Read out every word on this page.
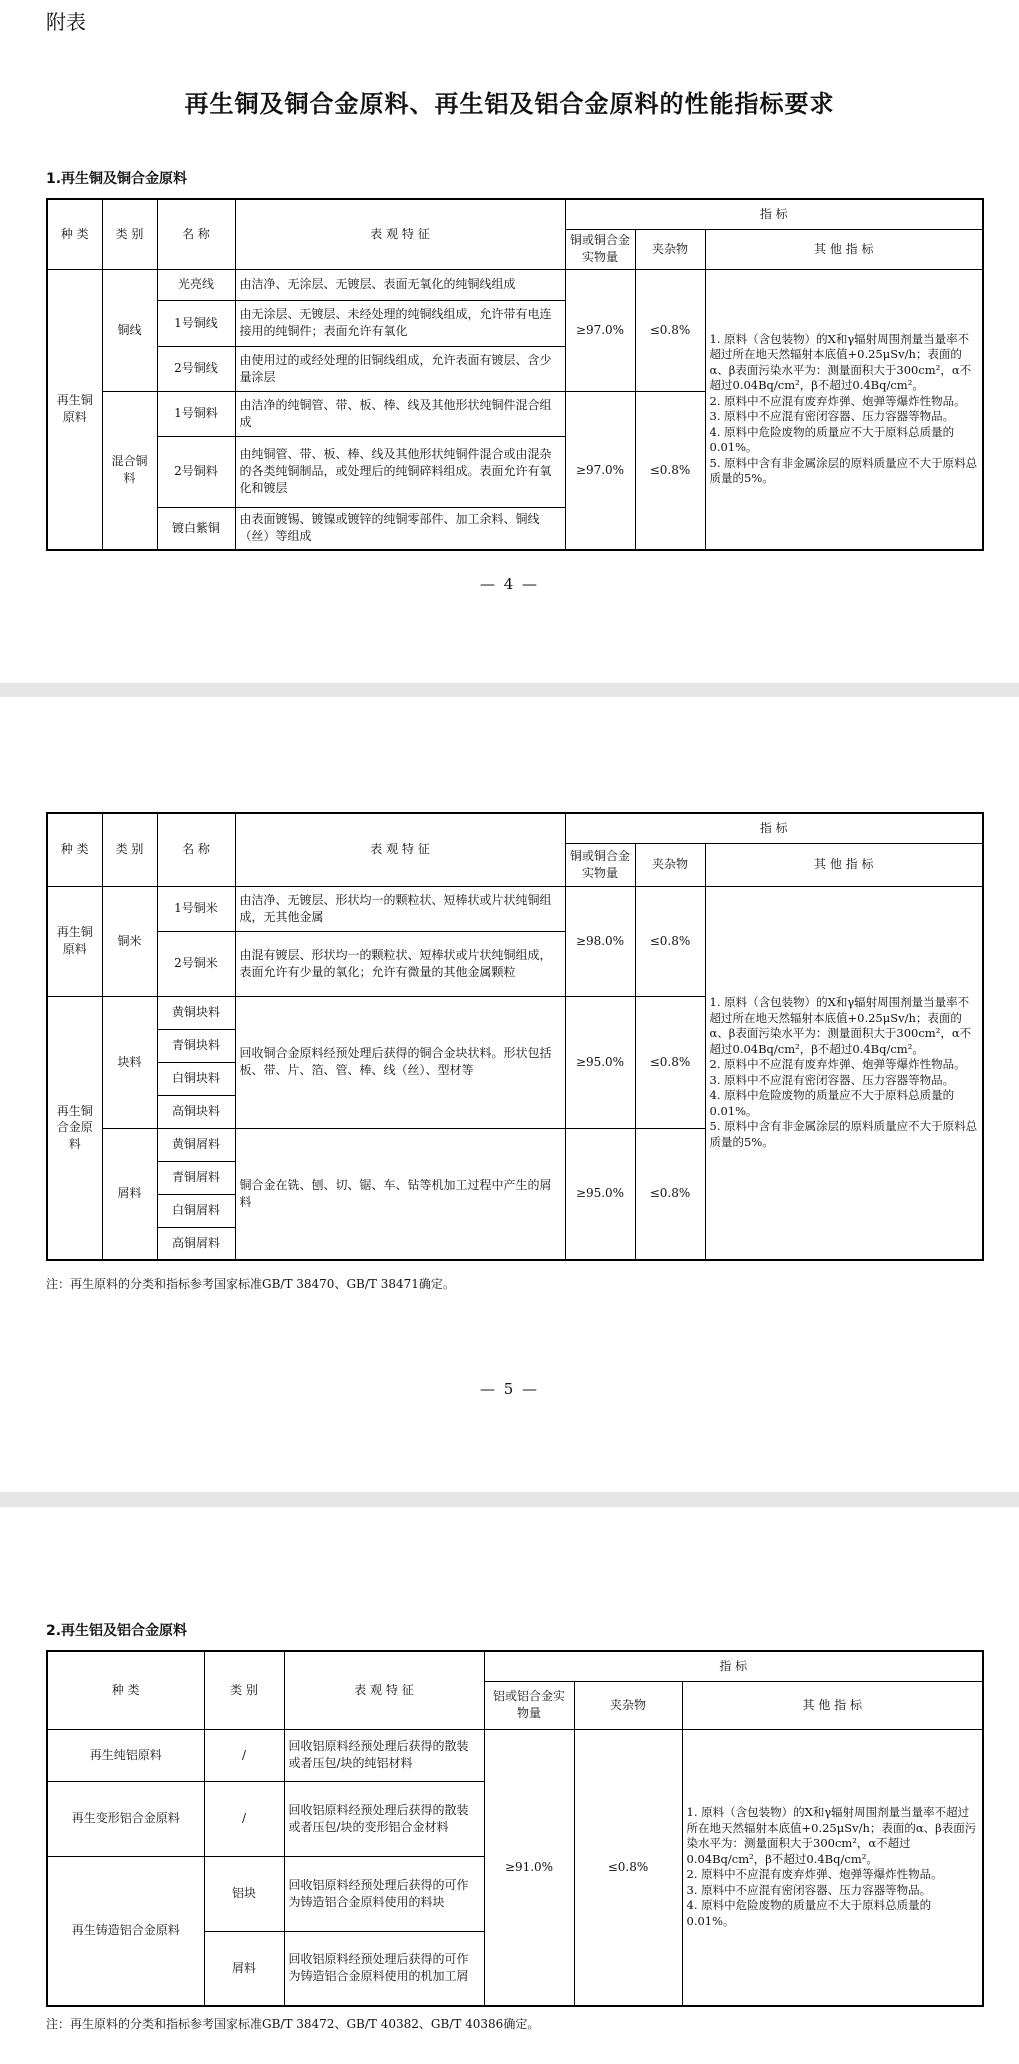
附表
再生铜及铜合金原料、再生铝及铝合金原料的性能指标要求
1.再生铜及铜合金原料
种 类	类 别	名 称	表 观 特 征	指 标		
				铜或铜合金实物量	夹杂物	其 他 指 标
再生铜原料	铜线	光亮线	由洁净、无涂层、无镀层、表面无氧化的纯铜线组成	≥97.0%	≤0.8%	1. 原料（含包装物）的X和γ辐射周围剂量当量率不超过所在地天然辐射本底值+0.25μSv/h；表面的α、β表面污染水平为：测量面积大于300cm²，α不超过0.04Bq/cm²，β不超过0.4Bq/cm²。
2. 原料中不应混有废弃炸弹、炮弹等爆炸性物品。
3. 原料中不应混有密闭容器、压力容器等物品。
4. 原料中危险废物的质量应不大于原料总质量的0.01%。
5. 原料中含有非金属涂层的原料质量应不大于原料总质量的5%。
		1号铜线	由无涂层、无镀层、未经处理的纯铜线组成，允许带有电连接用的纯铜件；表面允许有氧化			
		2号铜线	由使用过的或经处理的旧铜线组成，允许表面有镀层、含少量涂层			
	混合铜料	1号铜料	由洁净的纯铜管、带、板、棒、线及其他形状纯铜件混合组成	≥97.0%	≤0.8%	
		2号铜料	由纯铜管、带、板、棒、线及其他形状纯铜件混合或由混杂的各类纯铜制品，或处理后的纯铜碎料组成。表面允许有氧化和镀层			
		镀白紫铜	由表面镀锡、镀镍或镀锌的纯铜零部件、加工余料、铜线（丝）等组成			
— 4 —
种 类	类 别	名 称	表 观 特 征	指 标		
				铜或铜合金实物量	夹杂物	其 他 指 标
再生铜原料	铜米	1号铜米	由洁净、无镀层、形状均一的颗粒状、短棒状或片状纯铜组成，无其他金属	≥98.0%	≤0.8%	1. 原料（含包装物）的X和γ辐射周围剂量当量率不超过所在地天然辐射本底值+0.25μSv/h；表面的α、β表面污染水平为：测量面积大于300cm²，α不超过0.04Bq/cm²，β不超过0.4Bq/cm²。
2. 原料中不应混有废弃炸弹、炮弹等爆炸性物品。
3. 原料中不应混有密闭容器、压力容器等物品。
4. 原料中危险废物的质量应不大于原料总质量的0.01%。
5. 原料中含有非金属涂层的原料质量应不大于原料总质量的5%。
		2号铜米	由混有镀层、形状均一的颗粒状、短棒状或片状纯铜组成，表面允许有少量的氧化；允许有微量的其他金属颗粒			
再生铜合金原料	块料	黄铜块料	回收铜合金原料经预处理后获得的铜合金块状料。形状包括板、带、片、箔、管、棒、线（丝）、型材等	≥95.0%	≤0.8%	
		青铜块料				
		白铜块料				
		高铜块料				
	屑料	黄铜屑料	铜合金在铣、刨、切、锯、车、钻等机加工过程中产生的屑料	≥95.0%	≤0.8%	
		青铜屑料				
		白铜屑料				
		高铜屑料				
注：再生原料的分类和指标参考国家标准GB/T 38470、GB/T 38471确定。
— 5 —
2.再生铝及铝合金原料
种 类	类 别	表 观 特 征	指 标		
			铝或铝合金实物量	夹杂物	其 他 指 标
再生纯铝原料	/	回收铝原料经预处理后获得的散装或者压包/块的纯铝材料	≥91.0%	≤0.8%	1. 原料（含包装物）的X和γ辐射周围剂量当量率不超过所在地天然辐射本底值+0.25μSv/h；表面的α、β表面污染水平为：测量面积大于300cm²，α不超过0.04Bq/cm²，β不超过0.4Bq/cm²。
2. 原料中不应混有废弃炸弹、炮弹等爆炸性物品。
3. 原料中不应混有密闭容器、压力容器等物品。
4. 原料中危险废物的质量应不大于原料总质量的0.01%。
再生变形铝合金原料	/	回收铝原料经预处理后获得的散装或者压包/块的变形铝合金材料			
再生铸造铝合金原料	铝块	回收铝原料经预处理后获得的可作为铸造铝合金原料使用的料块			
	屑料	回收铝原料经预处理后获得的可作为铸造铝合金原料使用的机加工屑			
注：再生原料的分类和指标参考国家标准GB/T 38472、GB/T 40382、GB/T 40386确定。
